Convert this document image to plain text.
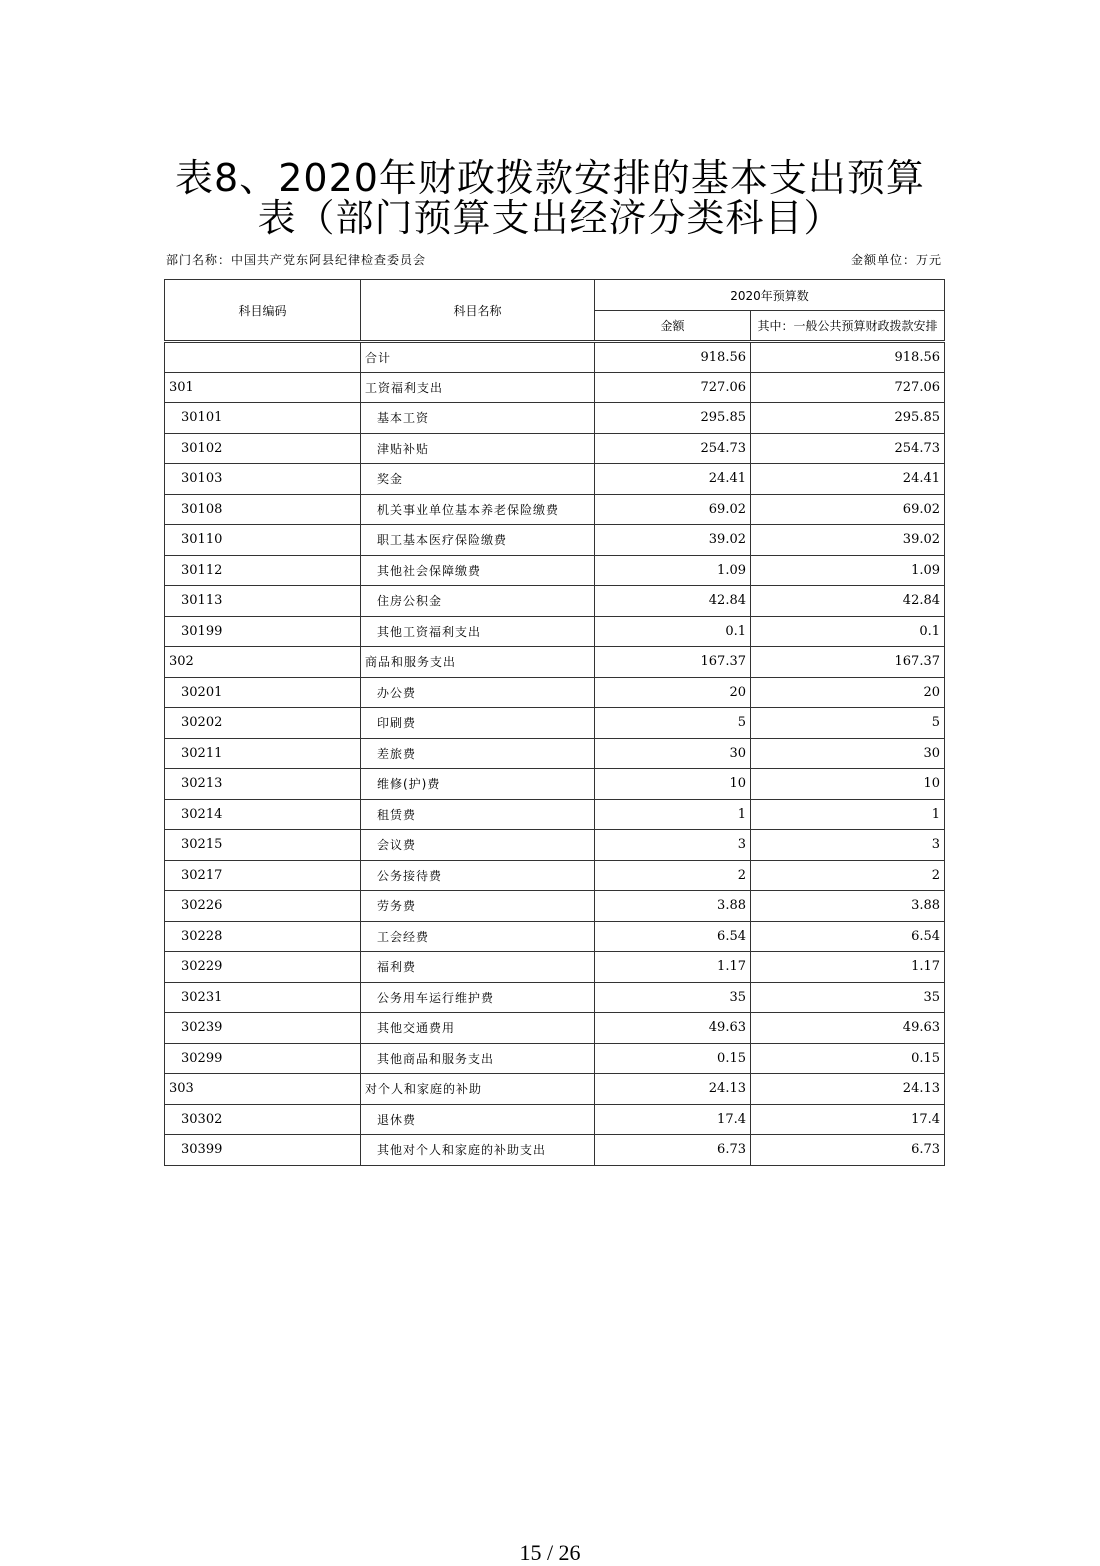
表8、2020年财政拨款安排的基本支出预算
表（部门预算支出经济分类科目）
部门名称：中国共产党东阿县纪律检查委员会	金额单位：万元
科目编码	科目名称	2020年预算数	
		金额	其中：一般公共预算财政拨款安排
	合计	918.56	918.56
301	工资福利支出	727.06	727.06
30101	基本工资	295.85	295.85
30102	津贴补贴	254.73	254.73
30103	奖金	24.41	24.41
30108	机关事业单位基本养老保险缴费	69.02	69.02
30110	职工基本医疗保险缴费	39.02	39.02
30112	其他社会保障缴费	1.09	1.09
30113	住房公积金	42.84	42.84
30199	其他工资福利支出	0.1	0.1
302	商品和服务支出	167.37	167.37
30201	办公费	20	20
30202	印刷费	5	5
30211	差旅费	30	30
30213	维修(护)费	10	10
30214	租赁费	1	1
30215	会议费	3	3
30217	公务接待费	2	2
30226	劳务费	3.88	3.88
30228	工会经费	6.54	6.54
30229	福利费	1.17	1.17
30231	公务用车运行维护费	35	35
30239	其他交通费用	49.63	49.63
30299	其他商品和服务支出	0.15	0.15
303	对个人和家庭的补助	24.13	24.13
30302	退休费	17.4	17.4
30399	其他对个人和家庭的补助支出	6.73	6.73
15 / 26
